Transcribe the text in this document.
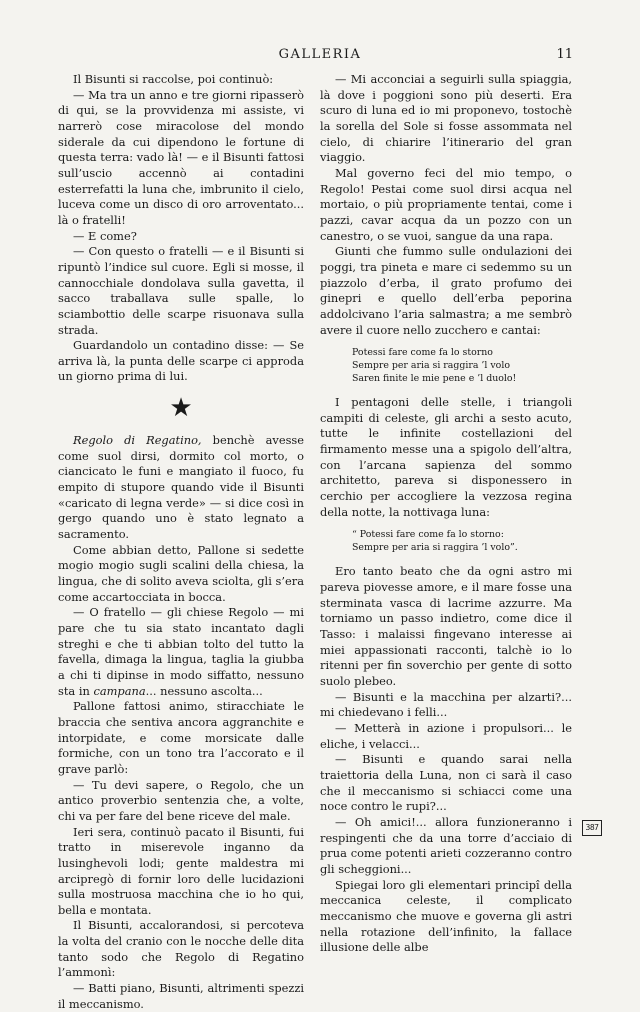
GALLERIA	11

Il Bisunti si raccolse, poi continuò:

— Ma tra un anno e tre giorni ripasserò di qui, se la provvidenza mi assiste, vi narrerò cose miracolose del mondo siderale da cui dipendono le fortune di questa terra: vado là! — e il Bisunti fattosi sull’uscio accennò ai contadini esterrefatti la luna che, imbrunito il cielo, luceva come un disco di oro arroventato... là o fratelli!

— E come?

— Con questo o fratelli — e il Bisunti si ripuntò l’indice sul cuore. Egli si mosse, il cannocchiale dondolava sulla gavetta, il sacco traballava sulle spalle, lo sciambottio delle scarpe risuonava sulla strada.

Guardandolo un contadino disse: — Se arriva là, la punta delle scarpe ci approda un giorno prima di lui.

★

Regolo di Regatino, benchè avesse come suol dirsi, dormito col morto, o ciancicato le funi e mangiato il fuoco, fu empito di stupore quando vide il Bisunti «caricato di legna verde» — si dice così in gergo quando uno è stato legnato a sacramento.

Come abbian detto, Pallone si sedette mogio mogio sugli scalini della chiesa, la lingua, che di solito aveva sciolta, gli s’era come accartocciata in bocca.

— O fratello — gli chiese Regolo — mi pare che tu sia stato incantato dagli streghi e che ti abbian tolto del tutto la favella, dimaga la lingua, taglia la giubba a chi ti dipinse in modo siffatto, nessuno sta in campana... nessuno ascolta...

Pallone fattosi animo, stiracchiate le braccia che sentiva ancora aggranchite e intorpidate, e come morsicate dalle formiche, con un tono tra l’accorato e il grave parlò:

— Tu devi sapere, o Regolo, che un antico proverbio sentenzia che, a volte, chi va per fare del bene riceve del male.

Ieri sera, continuò pacato il Bisunti, fui tratto in miserevole inganno da lusinghevoli lodi; gente maldestra mi arcipregò di fornir loro delle lucidazioni sulla mostruosa macchina che io ho qui, bella e montata.

Il Bisunti, accalorandosi, si percoteva la volta del cranio con le nocche delle dita tanto sodo che Regolo di Regatino l’ammonì:

— Batti piano, Bisunti, altrimenti spezzi il meccanismo.

— Mi acconciai a seguirli sulla spiaggia, là dove i poggioni sono più deserti. Era scuro di luna ed io mi proponevo, tostochè la sorella del Sole si fosse assommata nel cielo, di chiarire l’itinerario del gran viaggio.

Mal governo feci del mio tempo, o Regolo! Pestai come suol dirsi acqua nel mortaio, o più propriamente tentai, come i pazzi, cavar acqua da un pozzo con un canestro, o se vuoi, sangue da una rapa.

Giunti che fummo sulle ondulazioni dei poggi, tra pineta e mare ci sedemmo su un piazzolo d’erba, il grato profumo dei ginepri e quello dell’erba peporina addolcivano l’aria salmastra; a me sembrò avere il cuore nello zucchero e cantai:

Potessi fare come fa lo storno
Sempre per aria si raggira ’l volo
Saren finite le mie pene e ’l duolo!

I pentagoni delle stelle, i triangoli campiti di celeste, gli archi a sesto acuto, tutte le infinite costellazioni del firmamento messe una a spigolo dell’altra, con l’arcana sapienza del sommo architetto, pareva si disponessero in cerchio per accogliere la vezzosa regina della notte, la nottivaga luna:

“ Potessi fare come fa lo storno:
Sempre per aria si raggira ’l volo”.

Ero tanto beato che da ogni astro mi pareva piovesse amore, e il mare fosse una sterminata vasca di lacrime azzurre. Ma torniamo un passo indietro, come dice il Tasso: i malaissi fingevano interesse ai miei appassionati racconti, talchè io lo ritenni per fin soverchio per gente di sotto suolo plebeo.

— Bisunti e la macchina per alzarti?... mi chiedevano i felli...

— Metterà in azione i propulsori... le eliche, i velacci...

— Bisunti e quando sarai nella traiettoria della Luna, non ci sarà il caso che il meccanismo si schiacci come una noce contro le rupi?...

— Oh amici!... allora funzioneranno i respingenti che da una torre d’acciaio di prua come potenti arieti cozzeranno contro gli scheggioni...

Spiegai loro gli elementari principî della meccanica celeste, il complicato meccanismo che muove e governa gli astri nella rotazione dell’infinito, la fallace illusione delle albe

387
